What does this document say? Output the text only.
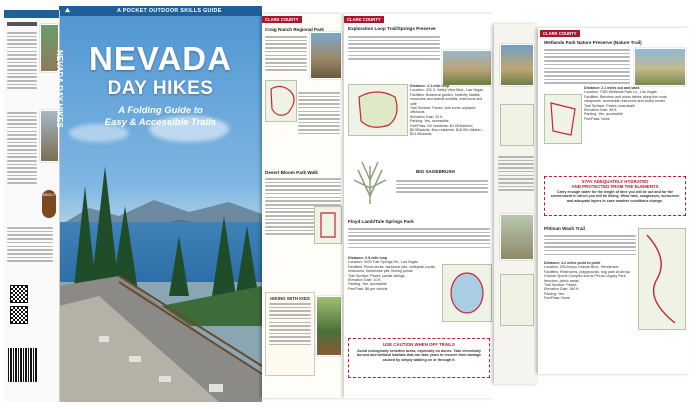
A POCKET OUTDOOR SKILLS GUIDE
⛰
NEVADA
DAY HIKES
A Folding Guide to
Easy & Accessible Trails
ABOUT
NEVADA DAY HIKES
CLARK COUNTY
Craig Ranch Regional Park
Desert Bloom Park Walk
HIKING WITH KIDS
CLARK COUNTY
Exploration Loop Trail/Springs Preserve
Distance: 2.1-mile loop
Location: 333 S. Valley View Blvd., Las Vegas
Facilities: Botanical garden, butterfly habitat, museums and animal exhibits, restrooms and café
Trail Surface: Paved, with some unpaved offshoots
Elevation Gain: 42 ft.
Parking: Yes, accessible
Fee/Pass: NV residents: $4.95/children, $9.95/adults. Non-residents: $18.95/ children, $14.95/adults
BIG SAGEBRUSH
Floyd Lamb/Tule Springs Park
Distance: 0.9-mile loop
Location: 9200 Tule Springs Rd., Las Vegas
Facilities: Picnic areas, barbecue pits, volleyball courts, restrooms, horseshoe pits, fishing ponds
Trail Surface: Paved, partial railings
Elevation Gain: 10 ft.
Parking: Yes, accessible
Fee/Pass: $6 per vehicle
USE CAUTION WHEN OFF TRAILS
Avoid ecologically sensitive areas, especially on dunes. Take chemically burned and wetland habitats that can take years to recover from damage caused by simply walking on or through it.
CLARK COUNTY
Wetlands Park Nature Preserve (Nature Trail)
Distance: 2.1 miles out and back
Location: 7050 Wetlands Park Ln., Las Vegas
Facilities: Benches and picnic tables along the route, viewpoints, accessible restrooms and visitor center
Trail Surface: Paved, boardwalk
Elevation Gain: 58 ft.
Parking: Yes, accessible
Fee/Pass: None
STAY ADEQUATELY HYDRATED
AND PROTECTED FROM THE ELEMENTS
Carry enough water for the length of time you will be out and for the environment in which you will be hiking. Wear hats, sunglasses, sunscreen and adequate layers in case weather conditions change.
Pittman Wash Trail
Distance: 4.2 miles point to point
Location: 253 Arroyo Grande Blvd., Henderson
Facilities: Restrooms, playgrounds, dog park at Arroyo Grande Sports Complex and at Pecos Legacy Park, benches, picnic areas
Trail Surface: Paved
Elevation Gain: 180 ft.
Parking: Yes
Fee/Pass: None
